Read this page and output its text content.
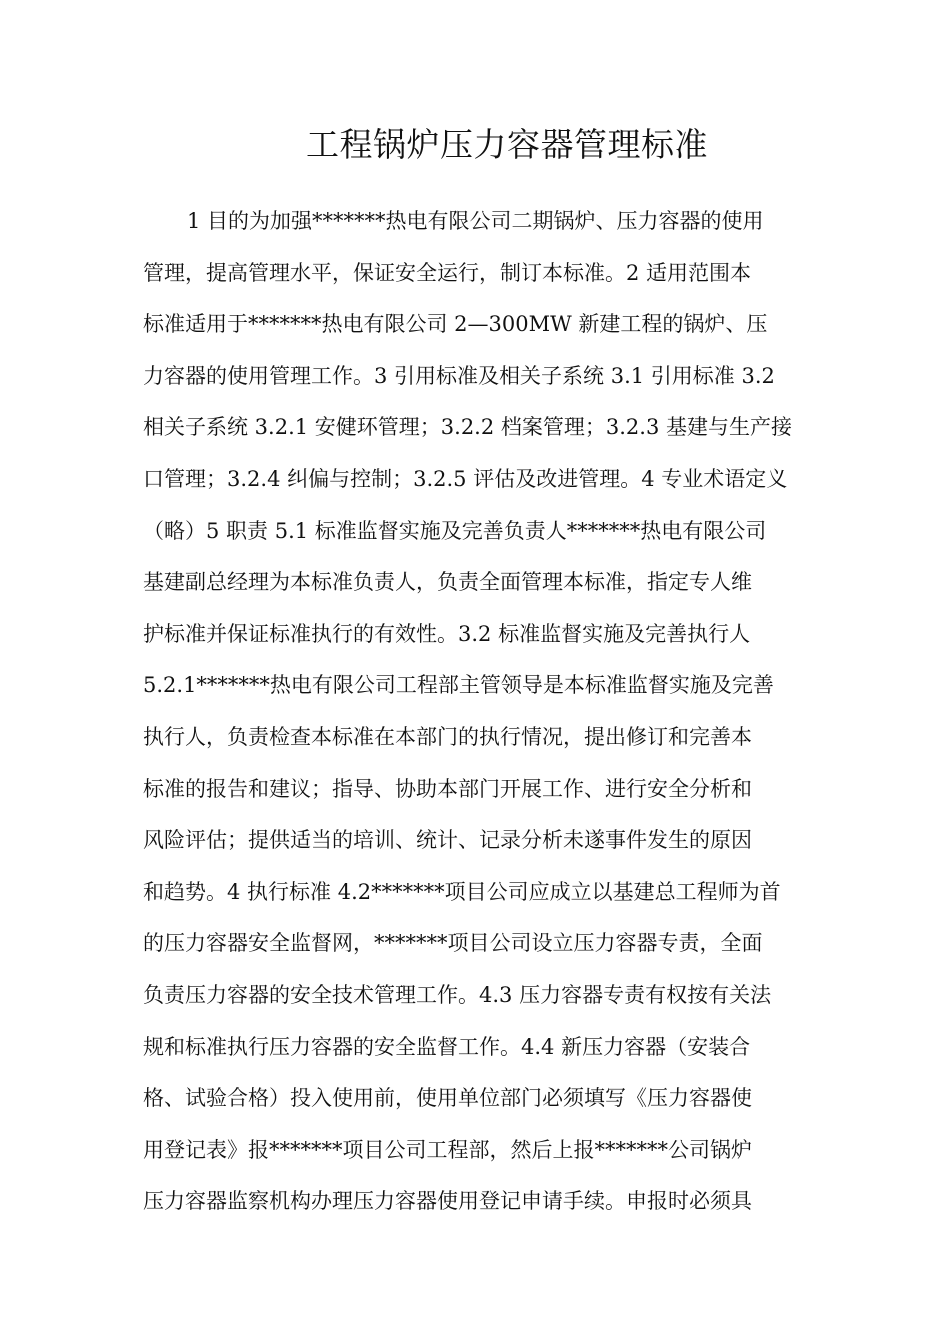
工程锅炉压力容器管理标准
1 目的为加强*******热电有限公司二期锅炉、压力容器的使用
管理，提高管理水平，保证安全运行，制订本标准。2 适用范围本
标准适用于*******热电有限公司 2—300MW 新建工程的锅炉、压
力容器的使用管理工作。3 引用标准及相关子系统 3.1 引用标准 3.2
相关子系统 3.2.1 安健环管理；3.2.2 档案管理；3.2.3 基建与生产接
口管理；3.2.4 纠偏与控制；3.2.5 评估及改进管理。4 专业术语定义
（略）5 职责 5.1 标准监督实施及完善负责人*******热电有限公司
基建副总经理为本标准负责人，负责全面管理本标准，指定专人维
护标准并保证标准执行的有效性。3.2 标准监督实施及完善执行人
5.2.1*******热电有限公司工程部主管领导是本标准监督实施及完善
执行人，负责检查本标准在本部门的执行情况，提出修订和完善本
标准的报告和建议；指导、协助本部门开展工作、进行安全分析和
风险评估；提供适当的培训、统计、记录分析未遂事件发生的原因
和趋势。4 执行标准 4.2*******项目公司应成立以基建总工程师为首
的压力容器安全监督网，*******项目公司设立压力容器专责，全面
负责压力容器的安全技术管理工作。4.3 压力容器专责有权按有关法
规和标准执行压力容器的安全监督工作。4.4 新压力容器（安装合
格、试验合格）投入使用前，使用单位部门必须填写《压力容器使
用登记表》报*******项目公司工程部，然后上报*******公司锅炉
压力容器监察机构办理压力容器使用登记申请手续。申报时必须具
